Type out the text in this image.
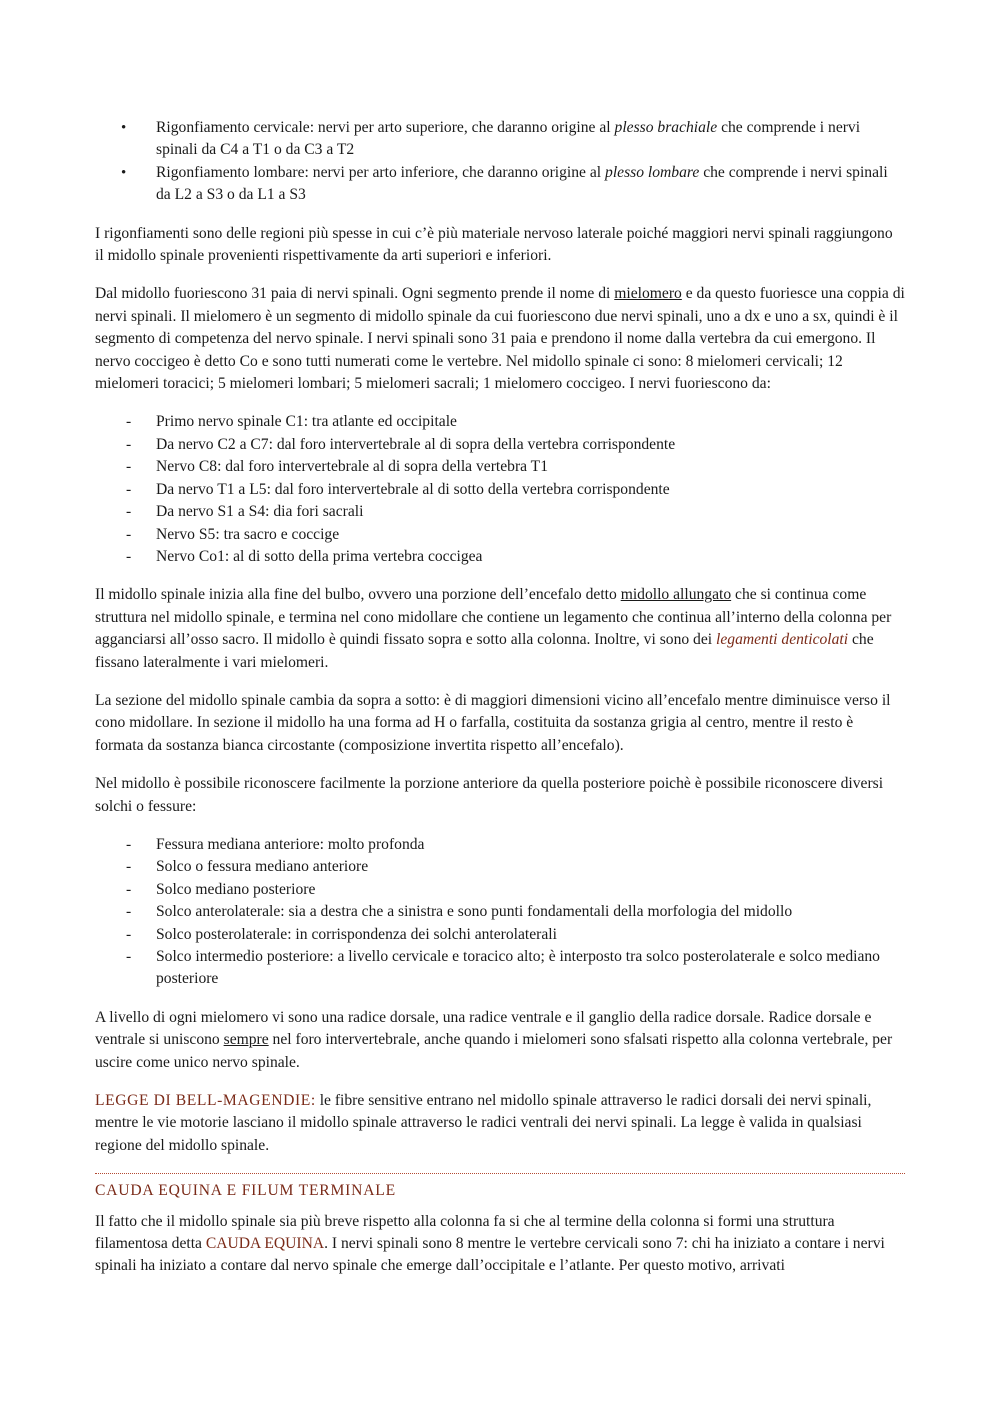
• Rigonfiamento cervicale: nervi per arto superiore, che daranno origine al plesso brachiale che comprende i nervi spinali da C4 a T1 o da C3 a T2
• Rigonfiamento lombare: nervi per arto inferiore, che daranno origine al plesso lombare che comprende i nervi spinali da L2 a S3 o da L1 a S3

I rigonfiamenti sono delle regioni più spesse in cui c’è più materiale nervoso laterale poiché maggiori nervi spinali raggiungono il midollo spinale provenienti rispettivamente da arti superiori e inferiori.

Dal midollo fuoriescono 31 paia di nervi spinali. Ogni segmento prende il nome di mielomero e da questo fuoriesce una coppia di nervi spinali. Il mielomero è un segmento di midollo spinale da cui fuoriescono due nervi spinali, uno a dx e uno a sx, quindi è il segmento di competenza del nervo spinale. I nervi spinali sono 31 paia e prendono il nome dalla vertebra da cui emergono. Il nervo coccigeo è detto Co e sono tutti numerati come le vertebre. Nel midollo spinale ci sono: 8 mielomeri cervicali; 12 mielomeri toracici; 5 mielomeri lombari; 5 mielomeri sacrali; 1 mielomero coccigeo. I nervi fuoriescono da:

- Primo nervo spinale C1: tra atlante ed occipitale
- Da nervo C2 a C7: dal foro intervertebrale al di sopra della vertebra corrispondente
- Nervo C8: dal foro intervertebrale al di sopra della vertebra T1
- Da nervo T1 a L5: dal foro intervertebrale al di sotto della vertebra corrispondente
- Da nervo S1 a S4: dia fori sacrali
- Nervo S5: tra sacro e coccige
- Nervo Co1: al di sotto della prima vertebra coccigea

Il midollo spinale inizia alla fine del bulbo, ovvero una porzione dell’encefalo detto midollo allungato che si continua come struttura nel midollo spinale, e termina nel cono midollare che contiene un legamento che continua all’interno della colonna per agganciarsi all’osso sacro. Il midollo è quindi fissato sopra e sotto alla colonna. Inoltre, vi sono dei legamenti denticolati che fissano lateralmente i vari mielomeri.

La sezione del midollo spinale cambia da sopra a sotto: è di maggiori dimensioni vicino all’encefalo mentre diminuisce verso il cono midollare. In sezione il midollo ha una forma ad H o farfalla, costituita da sostanza grigia al centro, mentre il resto è formata da sostanza bianca circostante (composizione invertita rispetto all’encefalo).

Nel midollo è possibile riconoscere facilmente la porzione anteriore da quella posteriore poichè è possibile riconoscere diversi solchi o fessure:

- Fessura mediana anteriore: molto profonda
- Solco o fessura mediano anteriore
- Solco mediano posteriore
- Solco anterolaterale: sia a destra che a sinistra e sono punti fondamentali della morfologia del midollo
- Solco posterolaterale: in corrispondenza dei solchi anterolaterali
- Solco intermedio posteriore: a livello cervicale e toracico alto; è interposto tra solco posterolaterale e solco mediano posteriore

A livello di ogni mielomero vi sono una radice dorsale, una radice ventrale e il ganglio della radice dorsale. Radice dorsale e ventrale si uniscono sempre nel foro intervertebrale, anche quando i mielomeri sono sfalsati rispetto alla colonna vertebrale, per uscire come unico nervo spinale.

LEGGE DI BELL-MAGENDIE: le fibre sensitive entrano nel midollo spinale attraverso le radici dorsali dei nervi spinali, mentre le vie motorie lasciano il midollo spinale attraverso le radici ventrali dei nervi spinali. La legge è valida in qualsiasi regione del midollo spinale.

CAUDA EQUINA E FILUM TERMINALE

Il fatto che il midollo spinale sia più breve rispetto alla colonna fa si che al termine della colonna si formi una struttura filamentosa detta CAUDA EQUINA. I nervi spinali sono 8 mentre le vertebre cervicali sono 7: chi ha iniziato a contare i nervi spinali ha iniziato a contare dal nervo spinale che emerge dall’occipitale e l’atlante. Per questo motivo, arrivati
